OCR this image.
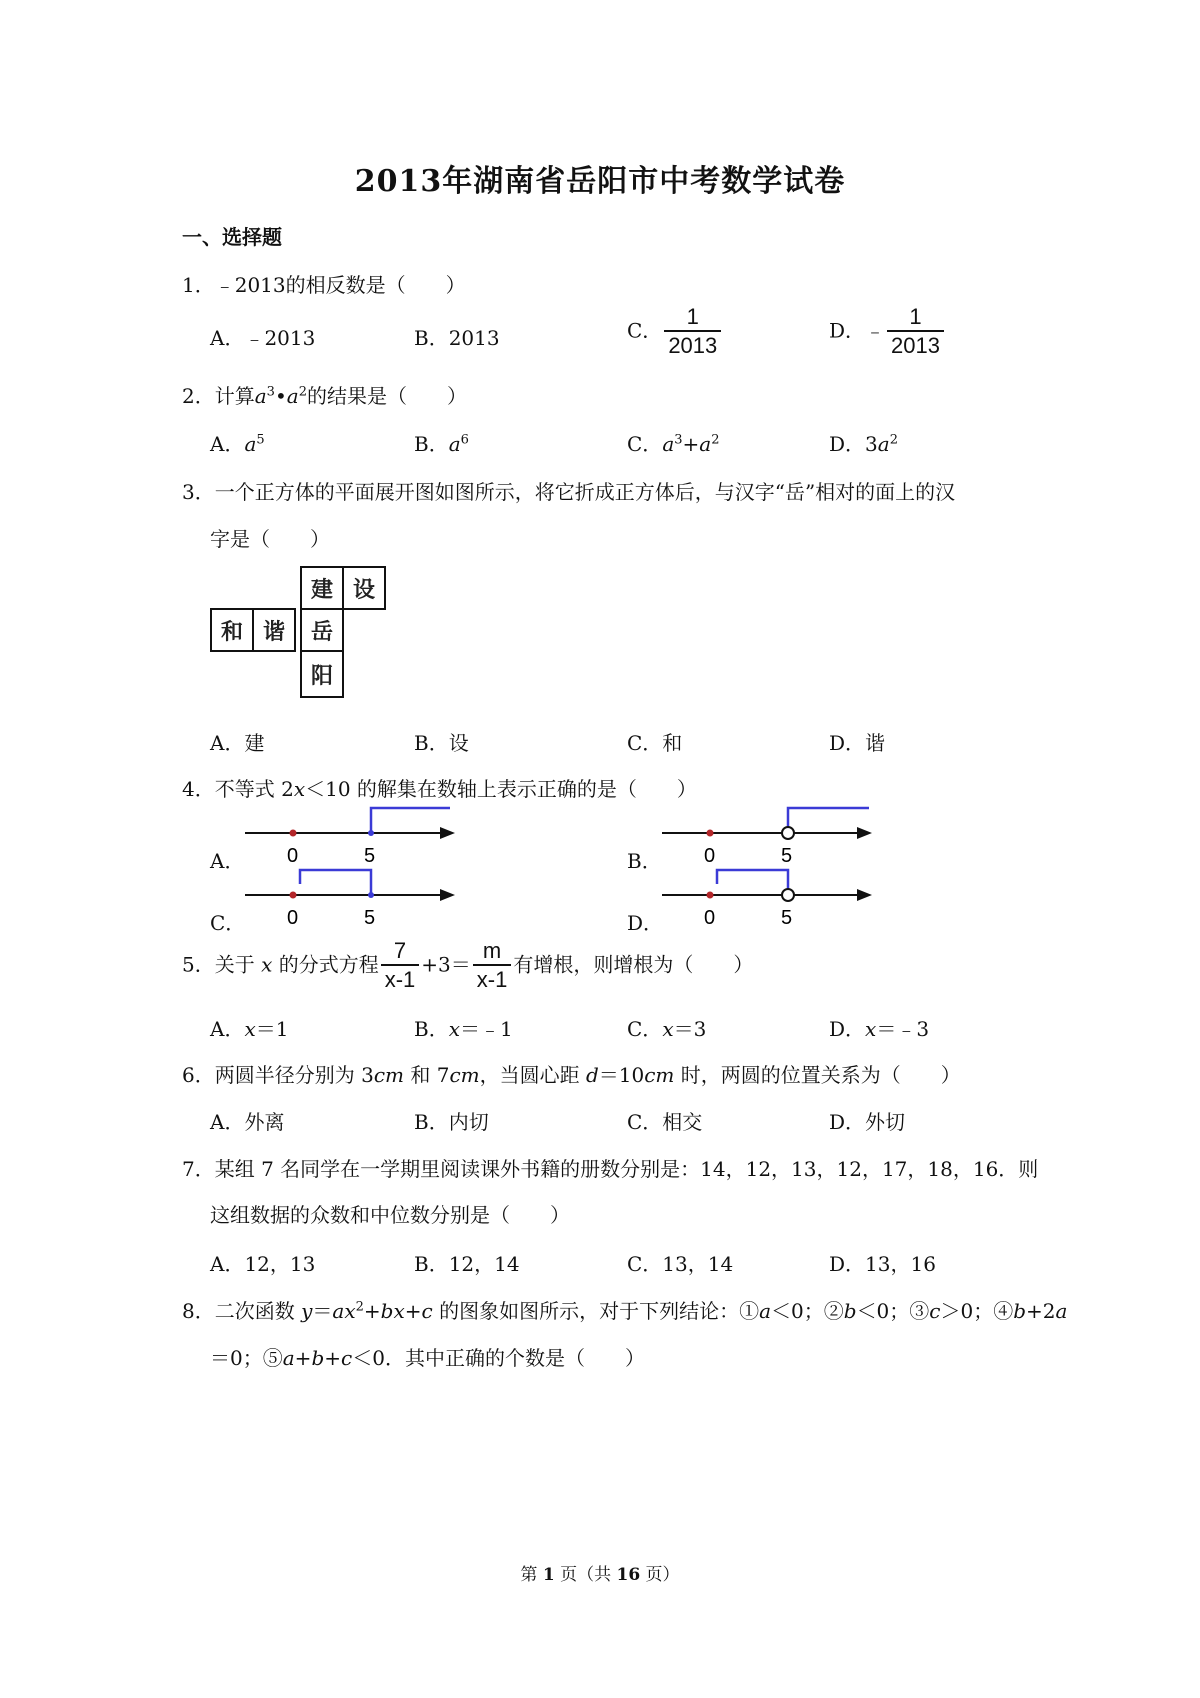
2013年湖南省岳阳市中考数学试卷
一、选择题
1．﹣2013的相反数是（　　）
A．﹣2013	B．2013	C． $\frac{1}{2013}$	D．﹣ $\frac{1}{2013}$
2．计算$a^3•a^2$的结果是（　　）
A．$a^5$	B．$a^6$	C．$a^3+a^2$	D．$3a^2$
3．一个正方体的平面展开图如图所示，将它折成正方体后，与汉字“岳”相对的面上的汉
字是（　　）
建 设
和 谐	岳
阳
A．建	B．设	C．和	D．谐
4．不等式 2x＜10 的解集在数轴上表示正确的是（　　）
A．	B．
C．	D．
0	5	0	5
0	5	0	5
5．关于 x 的分式方程 $\frac{7}{x-1} +3= \frac{m}{x-1}$ 有增根，则增根为（　　）
A．x＝1	B．x＝﹣1	C．x＝3	D．x＝﹣3
6．两圆半径分别为 3cm 和 7cm，当圆心距 d＝10cm 时，两圆的位置关系为（　　）
A．外离	B．内切	C．相交	D．外切
7．某组 7 名同学在一学期里阅读课外书籍的册数分别是：14，12，13，12，17，18，16．则
这组数据的众数和中位数分别是（　　）
A．12，13	B．12，14	C．13，14	D．13，16
8．二次函数 $y=ax^2+bx+c$ 的图象如图所示，对于下列结论：①a＜0；②b＜0；③c＞0；④b+2a
＝0；⑤a+b+c＜0．其中正确的个数是（　　）
第 1 页（共 16 页）
